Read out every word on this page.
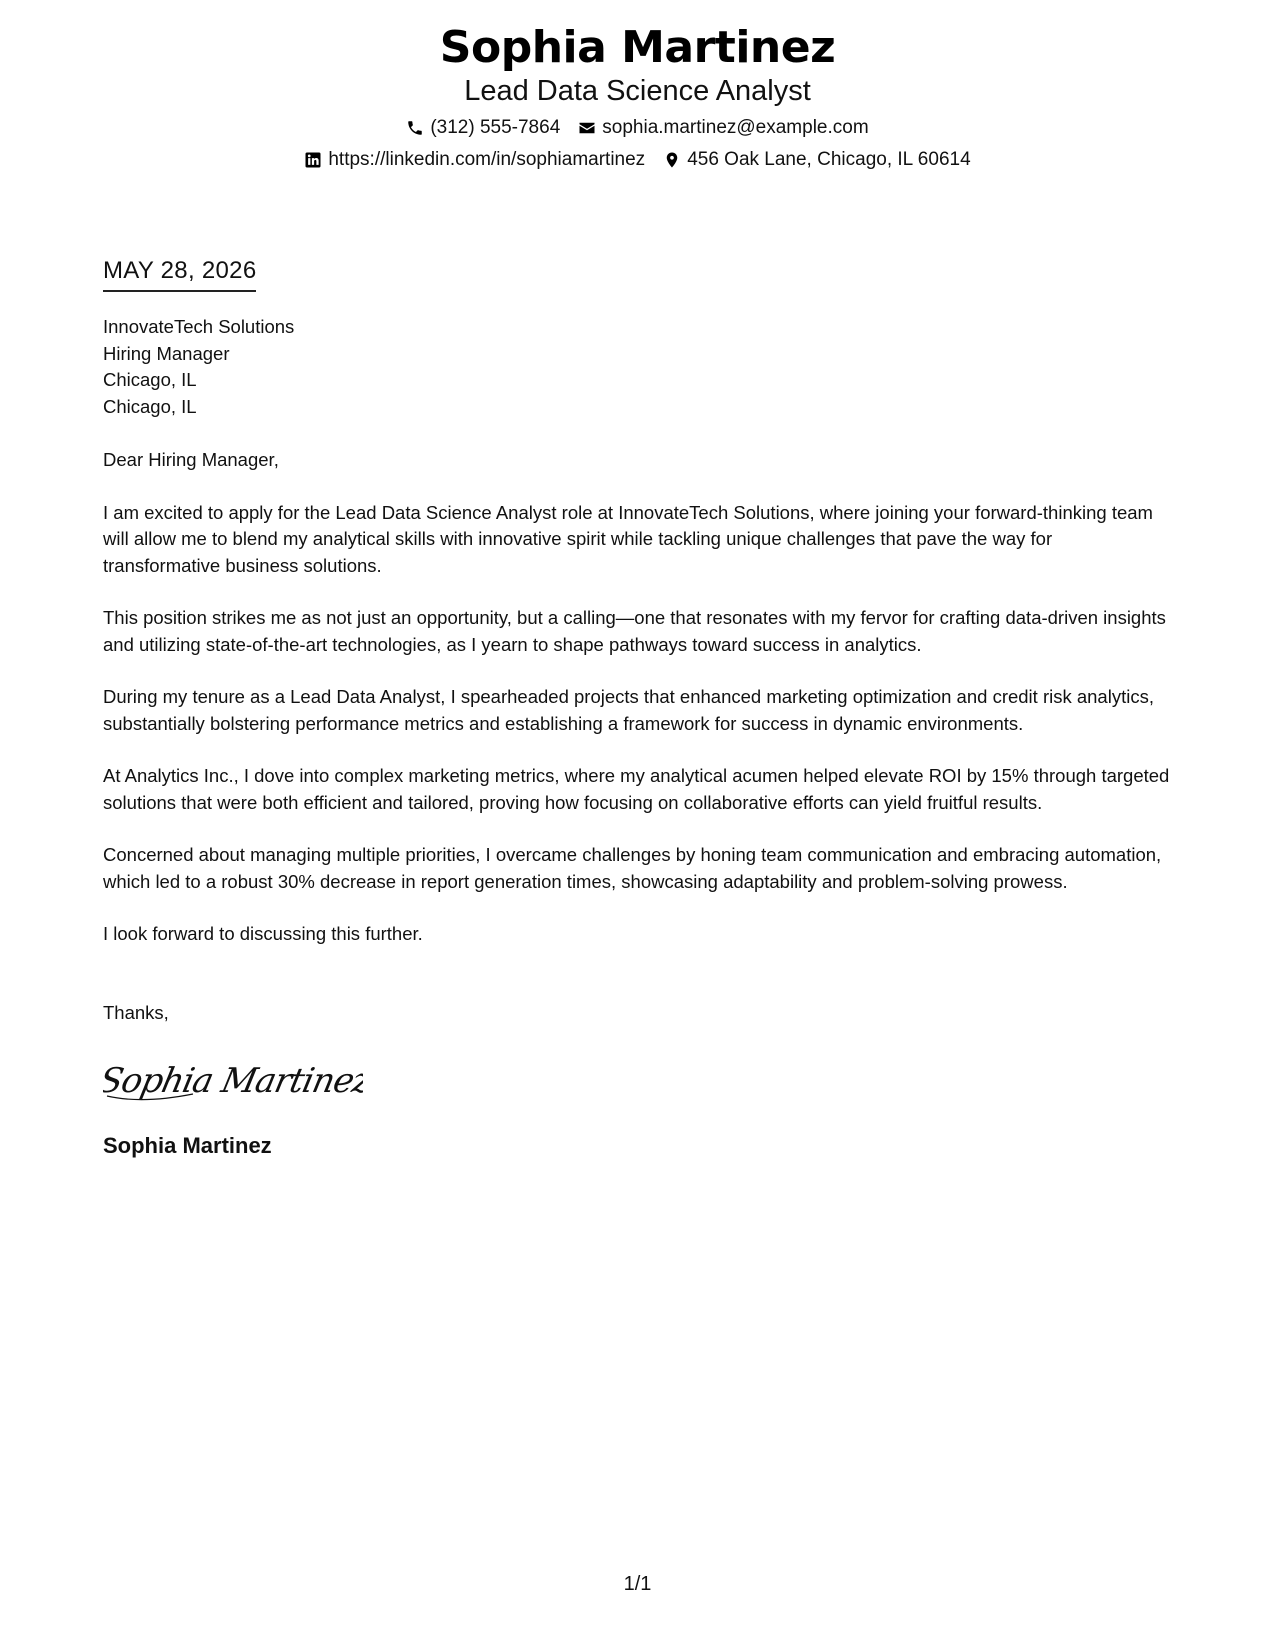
Sophia Martinez
Lead Data Science Analyst
(312) 555-7864 sophia.martinez@example.com
https://linkedin.com/in/sophiamartinez 456 Oak Lane, Chicago, IL 60614
MAY 28, 2026
InnovateTech Solutions
Hiring Manager
Chicago, IL
Chicago, IL
Dear Hiring Manager,
I am excited to apply for the Lead Data Science Analyst role at InnovateTech Solutions, where joining your forward-thinking team will allow me to blend my analytical skills with innovative spirit while tackling unique challenges that pave the way for transformative business solutions.
This position strikes me as not just an opportunity, but a calling—one that resonates with my fervor for crafting data-driven insights and utilizing state-of-the-art technologies, as I yearn to shape pathways toward success in analytics.
During my tenure as a Lead Data Analyst, I spearheaded projects that enhanced marketing optimization and credit risk analytics, substantially bolstering performance metrics and establishing a framework for success in dynamic environments.
At Analytics Inc., I dove into complex marketing metrics, where my analytical acumen helped elevate ROI by 15% through targeted solutions that were both efficient and tailored, proving how focusing on collaborative efforts can yield fruitful results.
Concerned about managing multiple priorities, I overcame challenges by honing team communication and embracing automation, which led to a robust 30% decrease in report generation times, showcasing adaptability and problem-solving prowess.
I look forward to discussing this further.
Thanks,
Sophia Martinez
Sophia Martinez
1/1
